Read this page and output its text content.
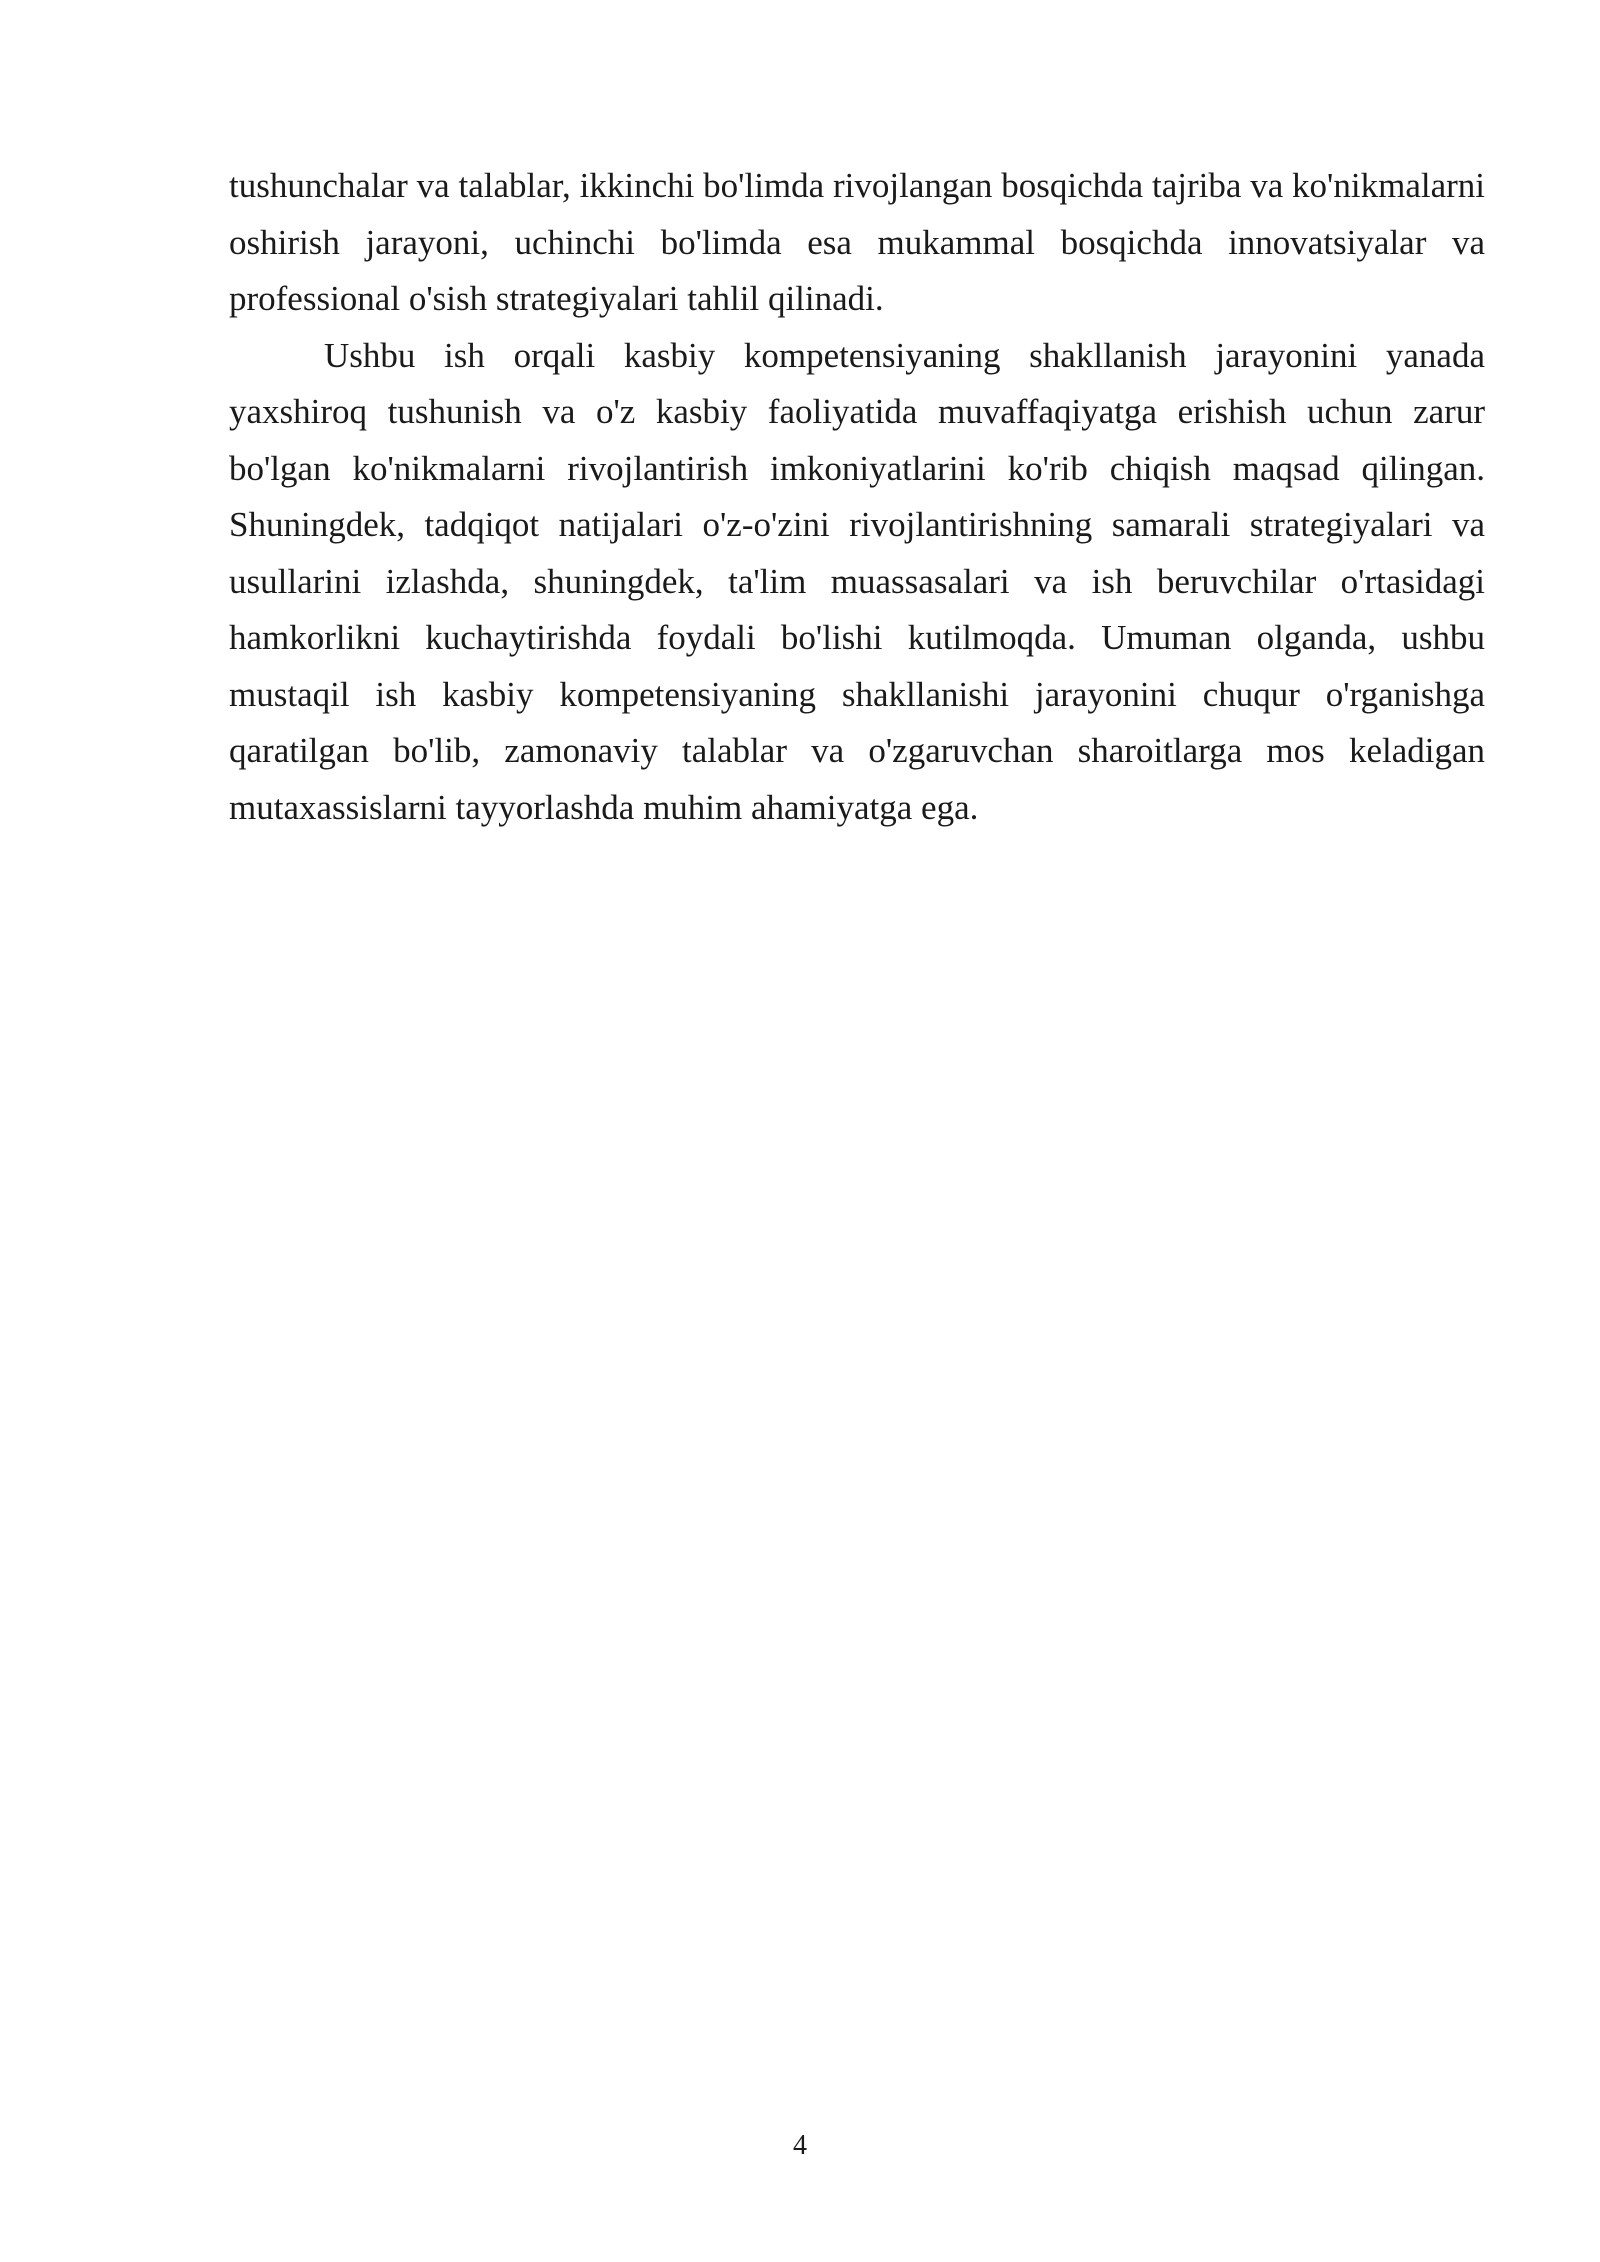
tushunchalar va talablar, ikkinchi bo'limda rivojlangan bosqichda tajriba va ko'nikmalarni oshirish jarayoni, uchinchi bo'limda esa mukammal bosqichda innovatsiyalar va professional o'sish strategiyalari tahlil qilinadi.

Ushbu ish orqali kasbiy kompetensiyaning shakllanish jarayonini yanada yaxshiroq tushunish va o'z kasbiy faoliyatida muvaffaqiyatga erishish uchun zarur bo'lgan ko'nikmalarni rivojlantirish imkoniyatlarini ko'rib chiqish maqsad qilingan. Shuningdek, tadqiqot natijalari o'z-o'zini rivojlantirishning samarali strategiyalari va usullarini izlashda, shuningdek, ta'lim muassasalari va ish beruvchilar o'rtasidagi hamkorlikni kuchaytirishda foydali bo'lishi kutilmoqda. Umuman olganda, ushbu mustaqil ish kasbiy kompetensiyaning shakllanishi jarayonini chuqur o'rganishga qaratilgan bo'lib, zamonaviy talablar va o'zgaruvchan sharoitlarga mos keladigan mutaxassislarni tayyorlashda muhim ahamiyatga ega.

4
